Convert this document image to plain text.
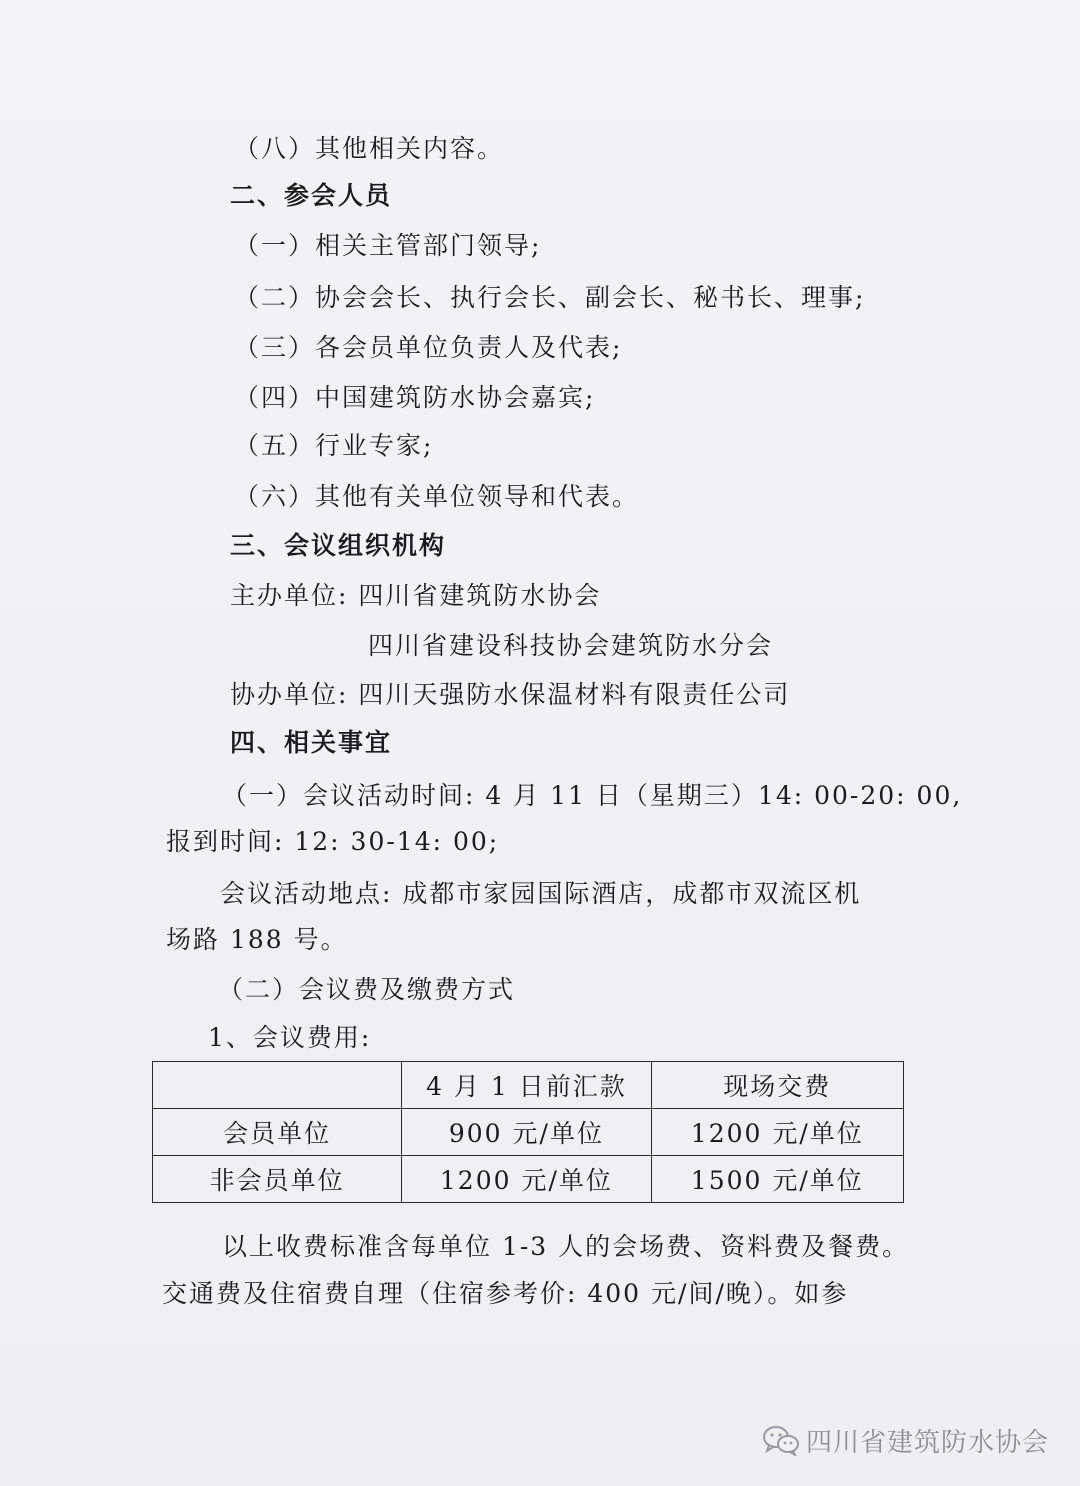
（八）其他相关内容。
二、参会人员
（一）相关主管部门领导;
（二）协会会长、执行会长、副会长、秘书长、理事;
（三）各会员单位负责人及代表;
（四）中国建筑防水协会嘉宾;
（五）行业专家;
（六）其他有关单位领导和代表。
三、会议组织机构
主办单位: 四川省建筑防水协会
四川省建设科技协会建筑防水分会
协办单位: 四川天强防水保温材料有限责任公司
四、相关事宜
（一）会议活动时间: 4 月 11 日（星期三）14: 00-20: 00,
报到时间: 12: 30-14: 00;
会议活动地点: 成都市家园国际酒店，成都市双流区机
场路 188 号。
（二）会议费及缴费方式
1、会议费用:
	4 月 1 日前汇款	现场交费
会员单位	900 元/单位	1200 元/单位
非会员单位	1200 元/单位	1500 元/单位
以上收费标准含每单位 1-3 人的会场费、资料费及餐费。
交通费及住宿费自理（住宿参考价: 400 元/间/晚）。如参
四川省建筑防水协会
